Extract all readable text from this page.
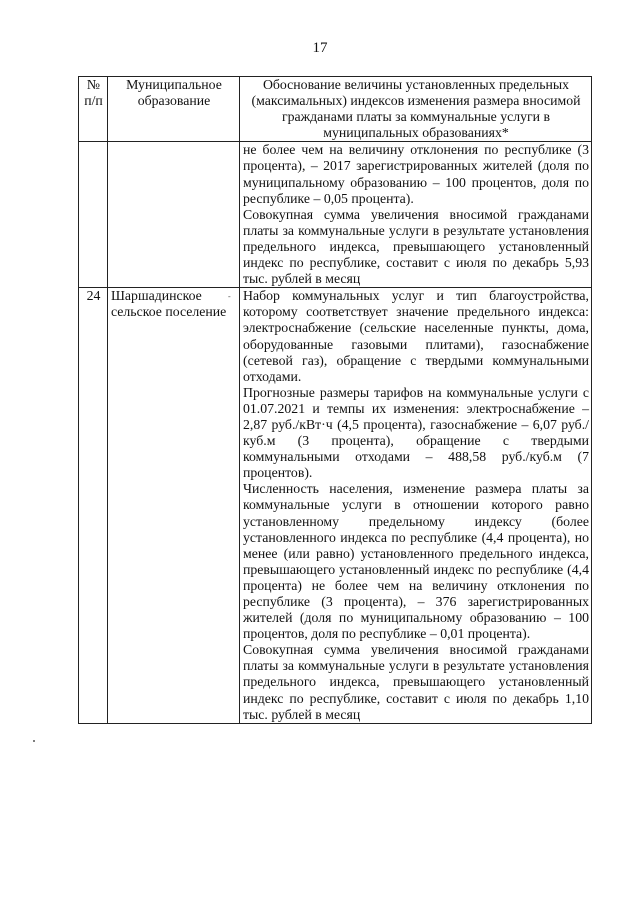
17
№ п/п	Муниципальное образование	Обоснование величины установленных предельных (максимальных) индексов изменения размера вносимой гражданами платы за коммунальные услуги в муниципальных образованиях*

		не более чем на величину отклонения по республике (3 процента), – 2017 зарегистрированных жителей (доля по муниципальному образованию – 100 процентов, доля по республике – 0,05 процента).
Совокупная сумма увеличения вносимой гражданами платы за коммунальные услуги в результате установления предельного индекса, превышающего установленный индекс по республике, составит с июля по декабрь 5,93 тыс. рублей в месяц

24	Шаршадинское сельское поселение	Набор коммунальных услуг и тип благоустройства, которому соответствует значение предельного индекса: электроснабжение (сельские населенные пункты, дома, оборудованные газовыми плитами), газоснабжение (сетевой газ), обращение с твердыми коммунальными отходами.
Прогнозные размеры тарифов на коммунальные услуги с 01.07.2021 и темпы их изменения: электроснабжение – 2,87 руб./кВт·ч (4,5 процента), газоснабжение – 6,07 руб./куб.м (3 процента), обращение с твердыми коммунальными отходами – 488,58 руб./куб.м (7 процентов).
Численность населения, изменение размера платы за коммунальные услуги в отношении которого равно установленному предельному индексу (более установленного индекса по республике (4,4 процента), но менее (или равно) установленного предельного индекса, превышающего установленный индекс по республике (4,4 процента) не более чем на величину отклонения по республике (3 процента), – 376 зарегистрированных жителей (доля по муниципальному образованию – 100 процентов, доля по республике – 0,01 процента).
Совокупная сумма увеличения вносимой гражданами платы за коммунальные услуги в результате установления предельного индекса, превышающего установленный индекс по республике, составит с июля по декабрь 1,10 тыс. рублей в месяц
-
